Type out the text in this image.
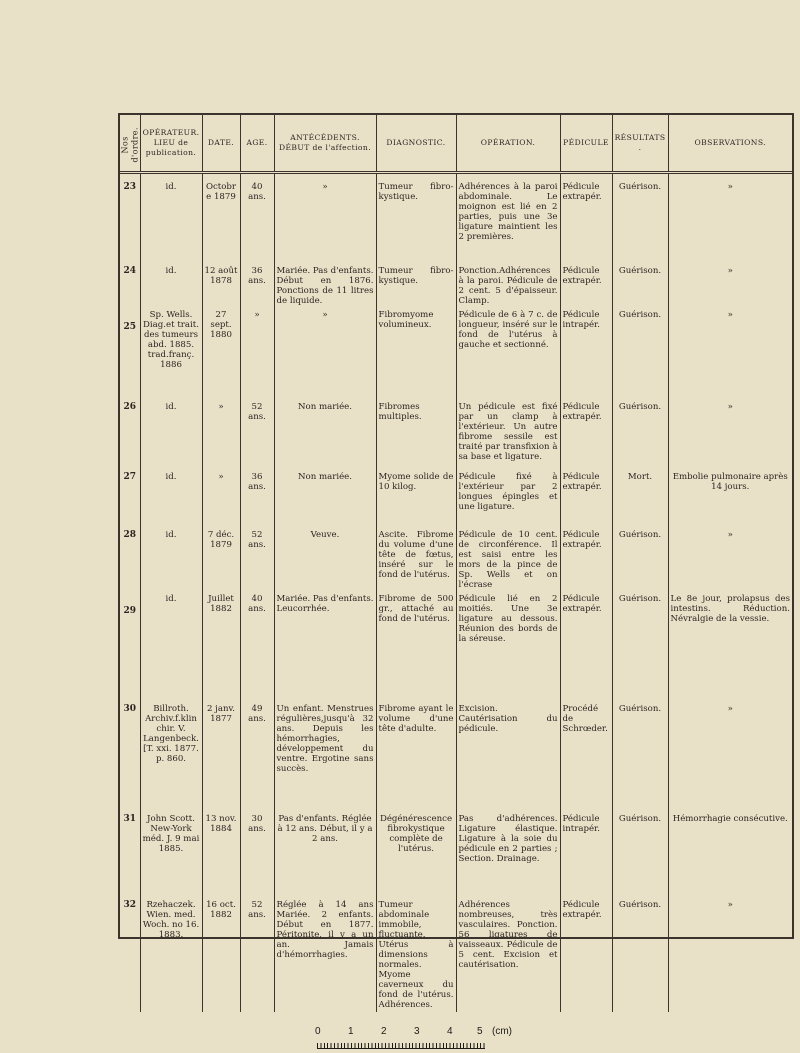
Nos d'ordre.	OPÉRATEUR. LIEU de publication.	DATE.	AGE.	ANTÉCÉDENTS. DÉBUT de l'affection.	DIAGNOSTIC.	OPÉRATION.	PÉDICULE	RÉSULTATS.	OBSERVATIONS.
23	id.	Octobre 1879	40 ans.	»	Tumeur fibro-kystique.	Adhérences à la paroi abdominale. Le moignon est lié en 2 parties, puis une 3e ligature maintient les 2 premières.	Pédicule extrapér.	Guérison.	»
24	id.	12 août 1878	36 ans.	Mariée. Pas d'enfants. Début en 1876. Ponctions de 11 litres de liquide.	Tumeur fibro-kystique.	Ponction.Adhérences à la paroi. Pédicule de 2 cent. 5 d'épaisseur. Clamp.	Pédicule extrapér.	Guérison.	»
25	Sp. Wells. Diag.et trait. des tumeurs abd. 1885. trad.franç. 1886	27 sept. 1880	»	»	Fibromyome volumineux.	Pédicule de 6 à 7 c. de longueur, inséré sur le fond de l'utérus à gauche et sectionné.	Pédicule intrapér.	Guérison.	»
26	id.	»	52 ans.	Non mariée.	Fibromes multiples.	Un pédicule est fixé par un clamp à l'extérieur. Un autre fibrome sessile est traité par transfixion à sa base et ligature.	Pédicule extrapér.	Guérison.	»
27	id.	»	36 ans.	Non mariée.	Myome solide de 10 kilog.	Pédicule fixé à l'extérieur par 2 longues épingles et une ligature.	Pédicule extrapér.	Mort.	Embolie pulmonaire après 14 jours.
28	id.	7 déc. 1879	52 ans.	Veuve.	Ascite. Fibrome du volume d'une tête de fœtus, inséré sur le fond de l'utérus.	Pédicule de 10 cent. de circonférence. Il est saisi entre les mors de la pince de Sp. Wells et on l'écrase	Pédicule extrapér.	Guérison.	»
29	id.	Juillet 1882	40 ans.	Mariée. Pas d'enfants. Leucorrhée.	Fibrome de 500 gr., attaché au fond de l'utérus.	Pédicule lié en 2 moitiés. Une 3e ligature au dessous. Réunion des bords de la séreuse.	Pédicule extrapér.	Guérison.	Le 8e jour, prolapsus des intestins. Réduction. Névralgie de la vessie.
30	Billroth. Archiv.f.klin chir. V. Langenbeck.[T. xxi. 1877. p. 860.	2 janv. 1877	49 ans.	Un enfant. Menstrues régulières,jusqu'à 32 ans. Depuis les hémorrhagies, développement du ventre. Ergotine sans succès.	Fibrome ayant le volume d'une tête d'adulte.	Excision. Cautérisation du pédicule.	Procédé de Schrœder.	Guérison.	»
31	John Scott. New-York méd. J. 9 mai 1885.	13 nov. 1884	30 ans.	Pas d'enfants. Réglée à 12 ans. Début, il y a 2 ans.	Dégénérescence fibrokystique complète de l'utérus.	Pas d'adhérences. Ligature élastique. Ligature à la soie du pédicule en 2 parties ; Section. Drainage.	Pédicule intrapér.	Guérison.	Hémorrhagie consécutive.
32	Rzehaczek. Wien. med. Woch. no 16. 1883.	16 oct. 1882	52 ans.	Réglée à 14 ans Mariée. 2 enfants. Début en 1877. Péritonite, il y a un an. Jamais d'hémorrhagies.	Tumeur abdominale immobile, fluctuante. Utérus à dimensions normales. Myome caverneux du fond de l'utérus. Adhérences.	Adhérences nombreuses, très vasculaires. Ponction. 56 ligatures de vaisseaux. Pédicule de 5 cent. Excision et cautérisation.	Pédicule extrapér.	Guérison.	»
0	1	2	3	4 5 (cm)
